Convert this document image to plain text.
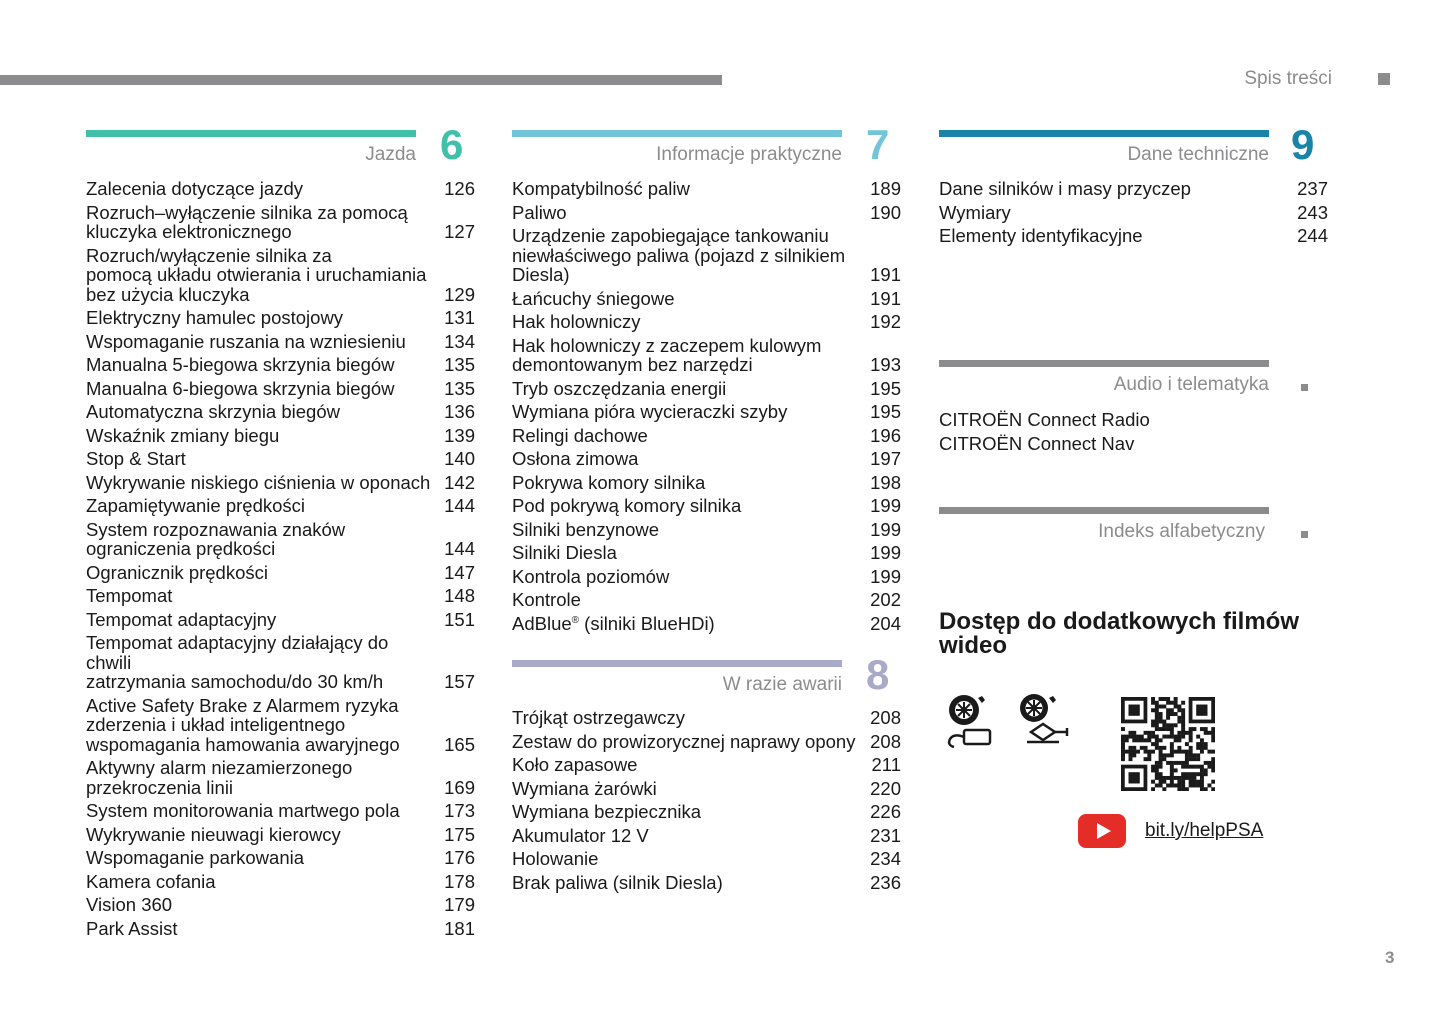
Spis treści
Jazda 6
Zalecenia dotyczące jazdy	126
Rozruch–wyłączenie silnika za pomocą
kluczyka elektronicznego	127
Rozruch/wyłączenie silnika za
pomocą układu otwierania i uruchamiania
bez użycia kluczyka	129
Elektryczny hamulec postojowy	131
Wspomaganie ruszania na wzniesieniu	134
Manualna 5-biegowa skrzynia biegów	135
Manualna 6-biegowa skrzynia biegów	135
Automatyczna skrzynia biegów	136
Wskaźnik zmiany biegu	139
Stop & Start	140
Wykrywanie niskiego ciśnienia w oponach 142
Zapamiętywanie prędkości	144
System rozpoznawania znaków
ograniczenia prędkości	144
Ogranicznik prędkości	147
Tempomat	148
Tempomat adaptacyjny	151
Tempomat adaptacyjny działający do chwili
zatrzymania samochodu/do 30 km/h	157
Active Safety Brake z Alarmem ryzyka
zderzenia i układ inteligentnego
wspomagania hamowania awaryjnego	165
Aktywny alarm niezamierzonego
przekroczenia linii	169
System monitorowania martwego pola	173
Wykrywanie nieuwagi kierowcy	175
Wspomaganie parkowania	176
Kamera cofania	178
Vision 360	179
Park Assist	181
Informacje praktyczne 7
Kompatybilność paliw	189
Paliwo	190
Urządzenie zapobiegające tankowaniu
niewłaściwego paliwa (pojazd z silnikiem
Diesla)	191
Łańcuchy śniegowe	191
Hak holowniczy	192
Hak holowniczy z zaczepem kulowym
demontowanym bez narzędzi	193
Tryb oszczędzania energii	195
Wymiana pióra wycieraczki szyby	195
Relingi dachowe	196
Osłona zimowa	197
Pokrywa komory silnika	198
Pod pokrywą komory silnika	199
Silniki benzynowe	199
Silniki Diesla	199
Kontrola poziomów	199
Kontrole	202
AdBlue® (silniki BlueHDi)	204
W razie awarii 8
Trójkąt ostrzegawczy	208
Zestaw do prowizorycznej naprawy opony 208
Koło zapasowe	211
Wymiana żarówki	220
Wymiana bezpiecznika	226
Akumulator 12 V	231
Holowanie	234
Brak paliwa (silnik Diesla)	236
Dane techniczne 9
Dane silników i masy przyczep	237
Wymiary	243
Elementy identyfikacyjne	244
Audio i telematyka
CITROËN Connect Radio
CITROËN Connect Nav
Indeks alfabetyczny
Dostęp do dodatkowych filmów wideo
bit.ly/helpPSA
3
